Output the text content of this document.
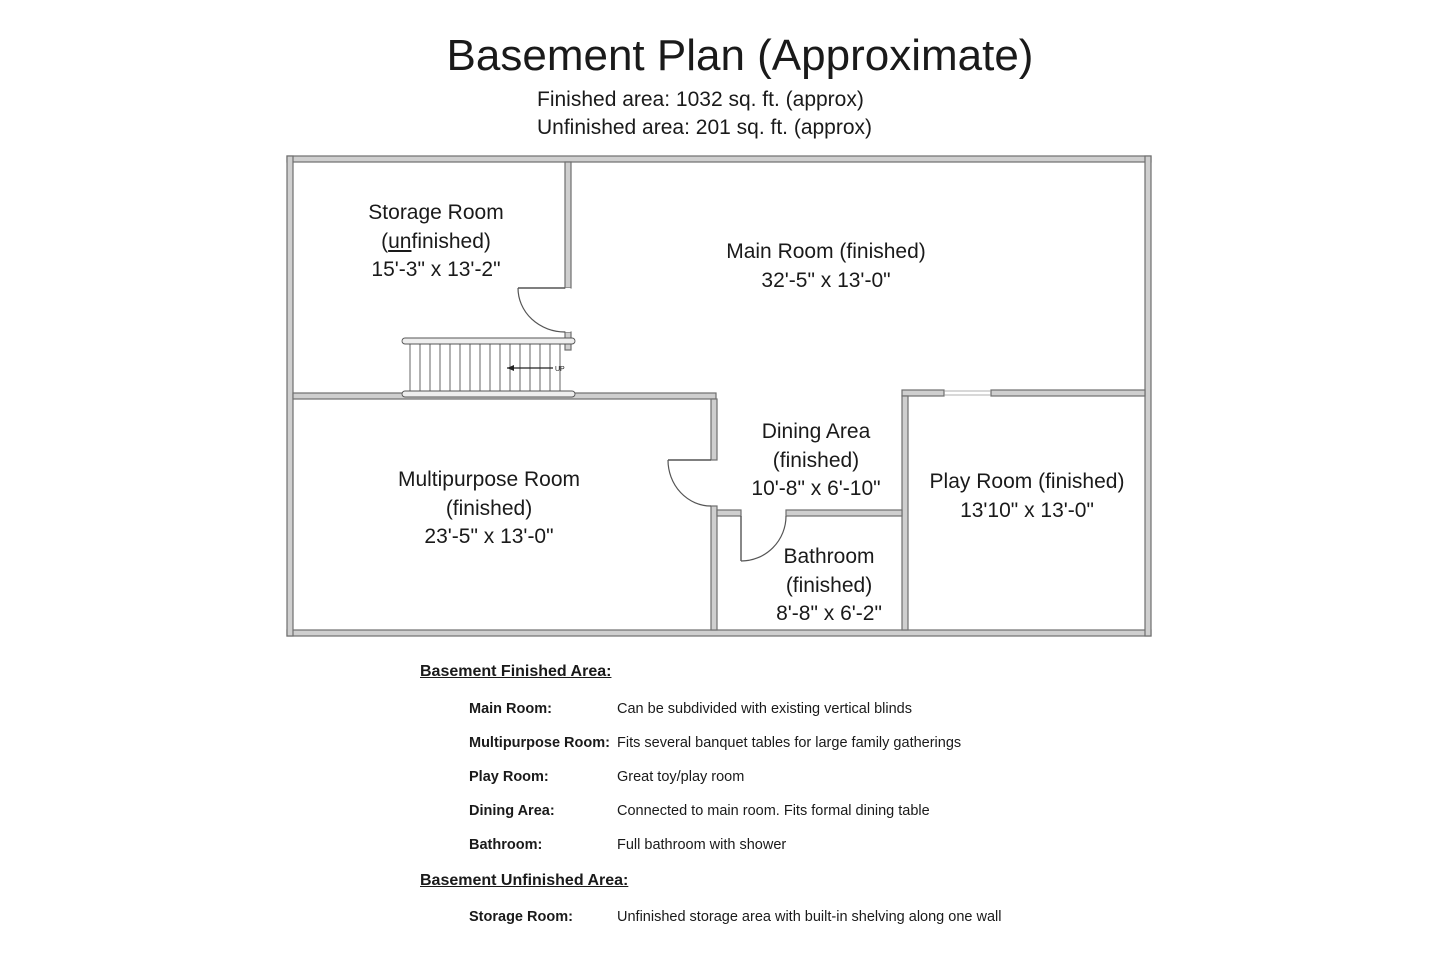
Basement Plan (Approximate)
Finished area: 1032 sq. ft. (approx)
Unfinished area: 201 sq. ft. (approx)
UP
Storage Room
(unfinished)
15'-3" x 13'-2"
Main Room (finished)
32'-5" x 13'-0"
Multipurpose Room
(finished)
23'-5" x 13'-0"
Dining Area
(finished)
10'-8" x 6'-10" Play Room (finished)
13'10" x 13'-0"
Bathroom
(finished)
8'-8" x 6'-2"
Basement Finished Area:
Main Room:	Can be subdivided with existing vertical blinds
Multipurpose Room: Fits several banquet tables for large family gatherings
Play Room:	Great toy/play room
Dining Area:	Connected to main room. Fits formal dining table
Bathroom:	Full bathroom with shower
Basement Unfinished Area:
Storage Room:	Unfinished storage area with built-in shelving along one wall
